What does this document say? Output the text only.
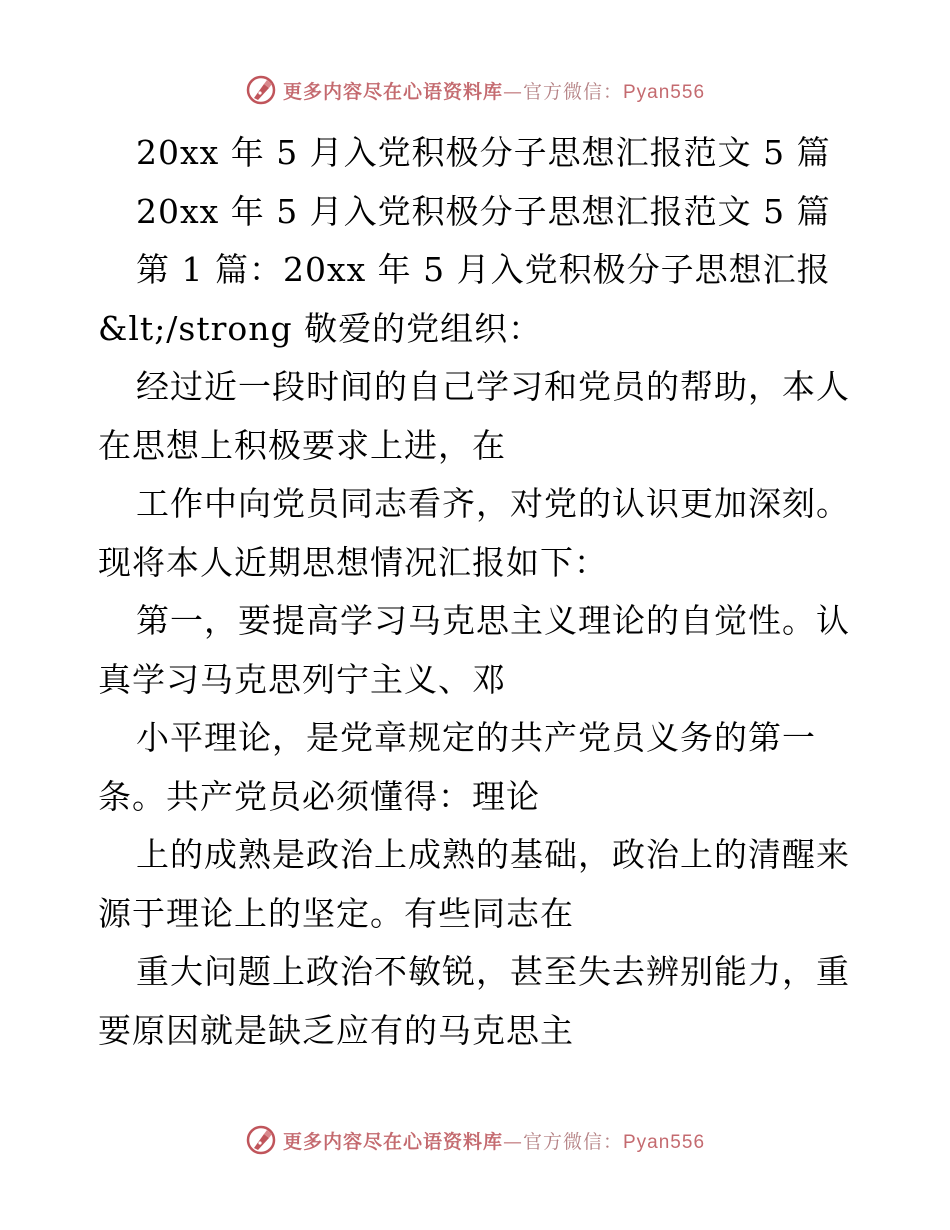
更多内容尽在心语资料库—官方微信：Pyan556
20xx 年 5 月入党积极分子思想汇报范文 5 篇
20xx 年 5 月入党积极分子思想汇报范文 5 篇
第 1 篇：20xx 年 5 月入党积极分子思想汇报
&lt;/strong 敬爱的党组织：
经过近一段时间的自己学习和党员的帮助，本人
在思想上积极要求上进，在
工作中向党员同志看齐，对党的认识更加深刻。
现将本人近期思想情况汇报如下：
第一，要提高学习马克思主义理论的自觉性。认
真学习马克思列宁主义、邓
小平理论，是党章规定的共产党员义务的第一
条。共产党员必须懂得：理论
上的成熟是政治上成熟的基础，政治上的清醒来
源于理论上的坚定。有些同志在
重大问题上政治不敏锐，甚至失去辨别能力，重
要原因就是缺乏应有的马克思主
更多内容尽在心语资料库—官方微信：Pyan556
